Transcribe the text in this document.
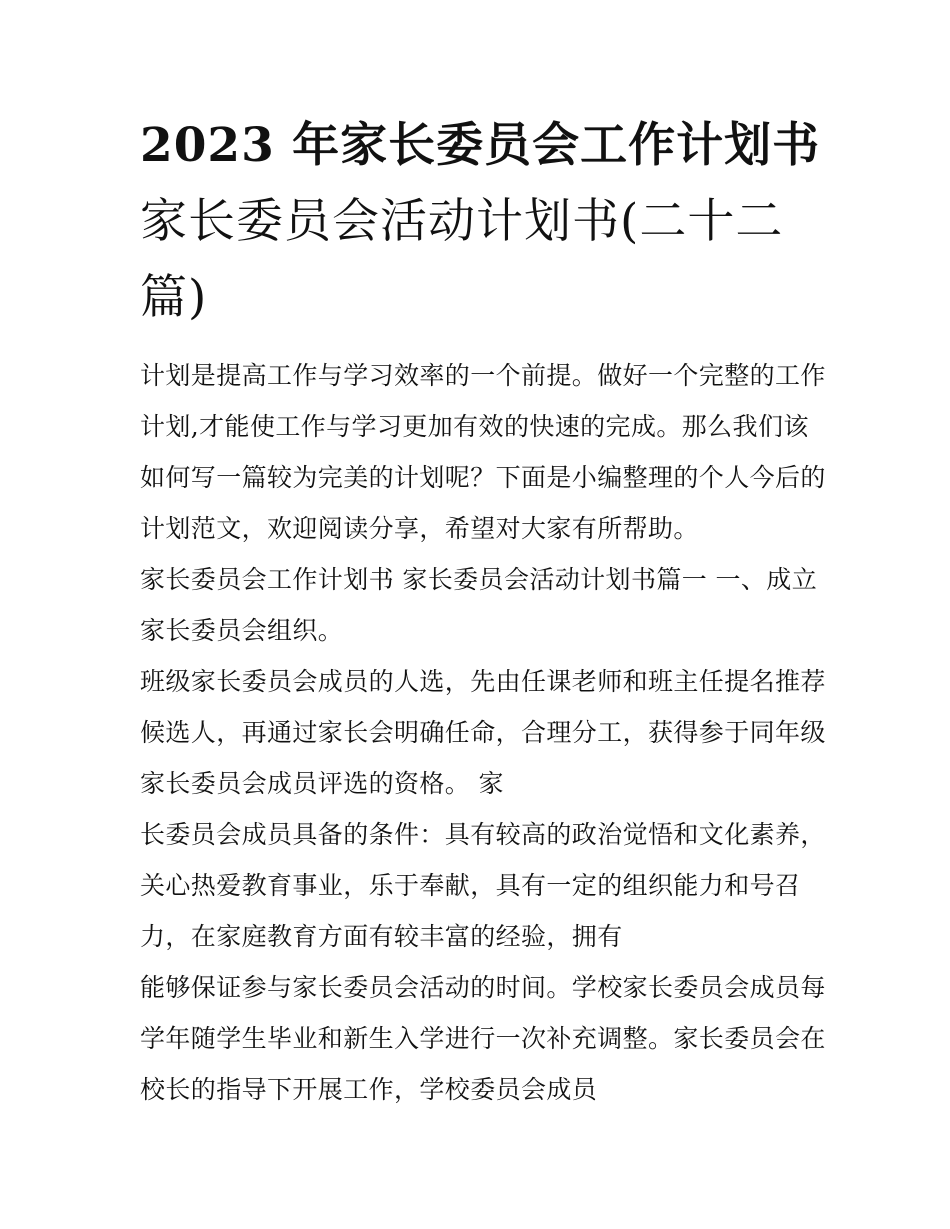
2023 年家长委员会工作计划书
家长委员会活动计划书(二十二
篇)
计划是提高工作与学习效率的一个前提。做好一个完整的工作
计划,才能使工作与学习更加有效的快速的完成。那么我们该
如何写一篇较为完美的计划呢？下面是小编整理的个人今后的
计划范文，欢迎阅读分享，希望对大家有所帮助。
家长委员会工作计划书 家长委员会活动计划书篇一 一、成立
家长委员会组织。
班级家长委员会成员的人选，先由任课老师和班主任提名推荐
候选人，再通过家长会明确任命，合理分工，获得参于同年级
家长委员会成员评选的资格。 家
长委员会成员具备的条件：具有较高的政治觉悟和文化素养，
关心热爱教育事业，乐于奉献，具有一定的组织能力和号召
力，在家庭教育方面有较丰富的经验，拥有
能够保证参与家长委员会活动的时间。学校家长委员会成员每
学年随学生毕业和新生入学进行一次补充调整。家长委员会在
校长的指导下开展工作，学校委员会成员
